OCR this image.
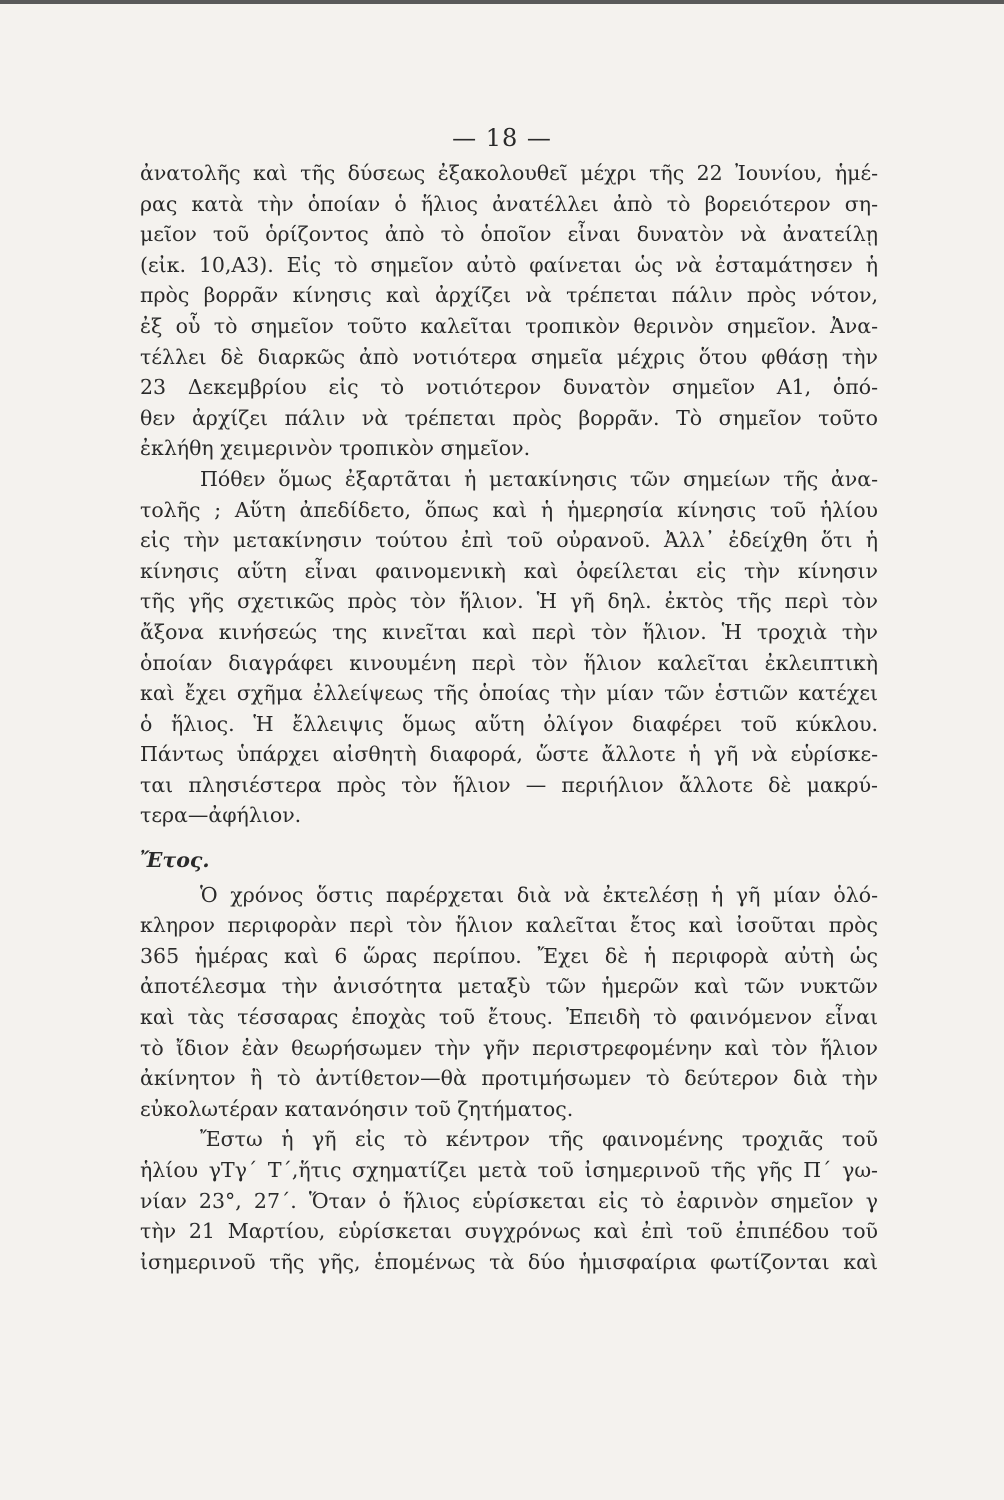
— 18 —
ἀνατολῆς καὶ τῆς δύσεως ἐξακολουθεῖ μέχρι τῆς 22 Ἰουνίου, ἡμέ-
ρας κατὰ τὴν ὁποίαν ὁ ἥλιος ἀνατέλλει ἀπὸ τὸ βορειότερον ση-
μεῖον τοῦ ὁρίζοντος ἀπὸ τὸ ὁποῖον εἶναι δυνατὸν νὰ ἀνατείλῃ
(εἰκ. 10,Α3). Εἰς τὸ σημεῖον αὐτὸ φαίνεται ὡς νὰ ἐσταμάτησεν ἡ
πρὸς βορρᾶν κίνησις καὶ ἀρχίζει νὰ τρέπεται πάλιν πρὸς νότον,
ἐξ οὗ τὸ σημεῖον τοῦτο καλεῖται τροπικὸν θερινὸν σημεῖον. Ἀνα-
τέλλει δὲ διαρκῶς ἀπὸ νοτιότερα σημεῖα μέχρις ὅτου φθάσῃ τὴν
23 Δεκεμβρίου εἰς τὸ νοτιότερον δυνατὸν σημεῖον Α1, ὁπό-
θεν ἀρχίζει πάλιν νὰ τρέπεται πρὸς βορρᾶν. Τὸ σημεῖον τοῦτο
ἐκλήθη χειμερινὸν τροπικὸν σημεῖον.
Πόθεν ὅμως ἐξαρτᾶται ἡ μετακίνησις τῶν σημείων τῆς ἀνα-
τολῆς ; Αὕτη ἀπεδίδετο, ὅπως καὶ ἡ ἡμερησία κίνησις τοῦ ἡλίου
εἰς τὴν μετακίνησιν τούτου ἐπὶ τοῦ οὐρανοῦ. Ἀλλ᾿ ἐδείχθη ὅτι ἡ
κίνησις αὕτη εἶναι φαινομενικὴ καὶ ὀφείλεται εἰς τὴν κίνησιν
τῆς γῆς σχετικῶς πρὸς τὸν ἥλιον. Ἡ γῆ δηλ. ἐκτὸς τῆς περὶ τὸν
ἄξονα κινήσεώς της κινεῖται καὶ περὶ τὸν ἥλιον. Ἡ τροχιὰ τὴν
ὁποίαν διαγράφει κινουμένη περὶ τὸν ἥλιον καλεῖται ἐκλειπτικὴ
καὶ ἔχει σχῆμα ἐλλείψεως τῆς ὁποίας τὴν μίαν τῶν ἑστιῶν κατέχει
ὁ ἥλιος. Ἡ ἔλλειψις ὅμως αὕτη ὀλίγον διαφέρει τοῦ κύκλου.
Πάντως ὑπάρχει αἰσθητὴ διαφορά, ὥστε ἄλλοτε ἡ γῆ νὰ εὑρίσκε-
ται πλησιέστερα πρὸς τὸν ἥλιον — περιήλιον ἄλλοτε δὲ μακρύ-
τερα—ἀφήλιον.
Ἔτος.
Ὁ χρόνος ὅστις παρέρχεται διὰ νὰ ἐκτελέσῃ ἡ γῆ μίαν ὁλό-
κληρον περιφορὰν περὶ τὸν ἥλιον καλεῖται ἔτος καὶ ἰσοῦται πρὸς
365 ἡμέρας καὶ 6 ὥρας περίπου. Ἔχει δὲ ἡ περιφορὰ αὐτὴ ὡς
ἀποτέλεσμα τὴν ἀνισότητα μεταξὺ τῶν ἡμερῶν καὶ τῶν νυκτῶν
καὶ τὰς τέσσαρας ἐποχὰς τοῦ ἔτους. Ἐπειδὴ τὸ φαινόμενον εἶναι
τὸ ἴδιον ἐὰν θεωρήσωμεν τὴν γῆν περιστρεφομένην καὶ τὸν ἥλιον
ἀκίνητον ἢ τὸ ἀντίθετον—θὰ προτιμήσωμεν τὸ δεύτερον διὰ τὴν
εὐκολωτέραν κατανόησιν τοῦ ζητήματος.
Ἔστω ἡ γῆ εἰς τὸ κέντρον τῆς φαινομένης τροχιᾶς τοῦ
ἡλίου γΤγ΄ Τ΄,ἥτις σχηματίζει μετὰ τοῦ ἰσημερινοῦ τῆς γῆς Π΄ γω-
νίαν 23°, 27΄. Ὅταν ὁ ἥλιος εὑρίσκεται εἰς τὸ ἐαρινὸν σημεῖον γ
τὴν 21 Μαρτίου, εὑρίσκεται συγχρόνως καὶ ἐπὶ τοῦ ἐπιπέδου τοῦ
ἰσημερινοῦ τῆς γῆς, ἑπομένως τὰ δύο ἡμισφαίρια φωτίζονται καὶ
